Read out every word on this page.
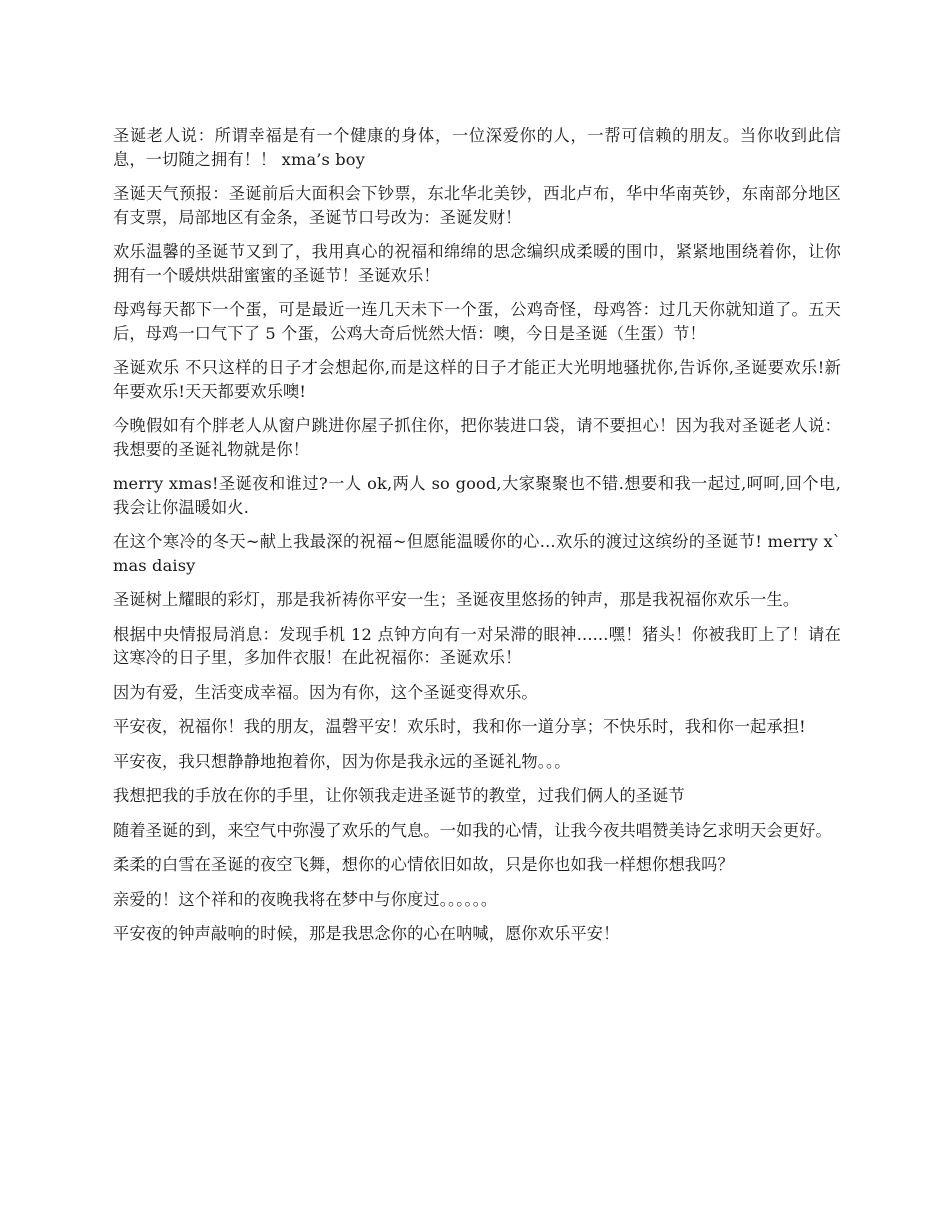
圣诞老人说：所谓幸福是有一个健康的身体，一位深爱你的人，一帮可信赖的朋友。当你收到此信息，一切随之拥有！！ xma’s boy

圣诞天气预报：圣诞前后大面积会下钞票，东北华北美钞，西北卢布，华中华南英钞，东南部分地区有支票，局部地区有金条，圣诞节口号改为：圣诞发财！

欢乐温馨的圣诞节又到了，我用真心的祝福和绵绵的思念编织成柔暖的围巾，紧紧地围绕着你，让你拥有一个暖烘烘甜蜜蜜的圣诞节！圣诞欢乐！

母鸡每天都下一个蛋，可是最近一连几天未下一个蛋，公鸡奇怪，母鸡答：过几天你就知道了。五天后，母鸡一口气下了 5 个蛋，公鸡大奇后恍然大悟：噢，今日是圣诞（生蛋）节！

圣诞欢乐 不只这样的日子才会想起你,而是这样的日子才能正大光明地骚扰你,告诉你,圣诞要欢乐!新年要欢乐!天天都要欢乐噢!

今晚假如有个胖老人从窗户跳进你屋子抓住你，把你装进口袋，请不要担心！因为我对圣诞老人说：我想要的圣诞礼物就是你！

merry xmas!圣诞夜和谁过?一人 ok,两人 so good,大家聚聚也不错.想要和我一起过,呵呵,回个电,我会让你温暖如火.

在这个寒冷的冬天~献上我最深的祝福~但愿能温暖你的心...欢乐的渡过这缤纷的圣诞节! merry x`mas daisy

圣诞树上耀眼的彩灯，那是我祈祷你平安一生；圣诞夜里悠扬的钟声，那是我祝福你欢乐一生。

根据中央情报局消息：发现手机 12 点钟方向有一对呆滞的眼神......嘿！猪头！你被我盯上了！请在这寒冷的日子里，多加件衣服！在此祝福你：圣诞欢乐！

因为有爱，生活变成幸福。因为有你，这个圣诞变得欢乐。

平安夜，祝福你！我的朋友，温磬平安！欢乐时，我和你一道分享；不快乐时，我和你一起承担!

平安夜，我只想静静地抱着你，因为你是我永远的圣诞礼物。。。

我想把我的手放在你的手里，让你领我走进圣诞节的教堂，过我们俩人的圣诞节

随着圣诞的到，来空气中弥漫了欢乐的气息。一如我的心情，让我今夜共唱赞美诗乞求明天会更好。

柔柔的白雪在圣诞的夜空飞舞，想你的心情依旧如故，只是你也如我一样想你想我吗？

亲爱的！这个祥和的夜晚我将在梦中与你度过。。。。。。

平安夜的钟声敲响的时候，那是我思念你的心在呐喊，愿你欢乐平安！
